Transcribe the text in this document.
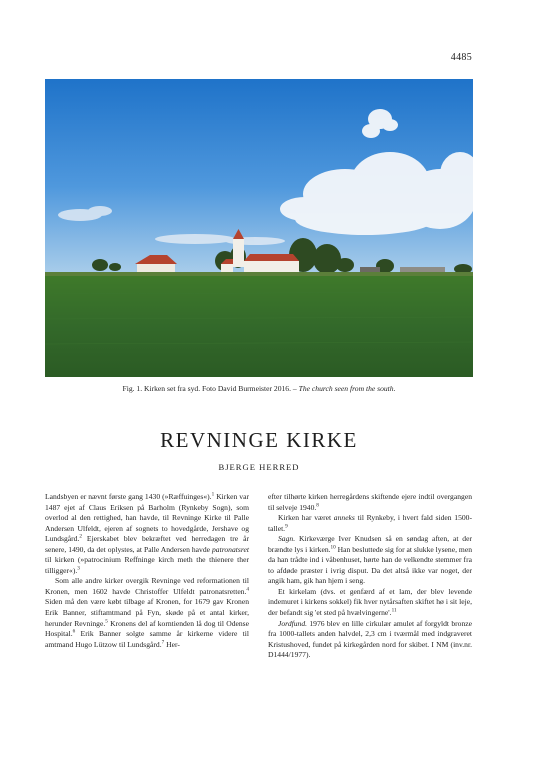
4485
Fig. 1. Kirken set fra syd. Foto David Burmeister 2016. – The church seen from the south.
REVNINGE KIRKE
BJERGE HERRED

Landsbyen er nævnt første gang 1430 (»Ræffuinges«).$^1$ Kirken var 1487 ejet af Claus Eriksen på Barholm (Rynkeby Sogn), som overlod al den rettighed, han havde, til Revninge Kirke til Palle Andersen Ulfeldt, ejeren af sognets to hovedgårde, Jershave og Lundsgård.$^2$ Ejerskabet blev bekræftet ved herredagen tre år senere, 1490, da det oplystes, at Palle Andersen havde patronatsret til kirken (»patrocinium Reffninge kirch meth the thienere ther tilligger«).$^3$

Som alle andre kirker overgik Revninge ved reformationen til Kronen, men 1602 havde Christoffer Ulfeldt patronatsretten.$^4$ Siden må den være købt tilbage af Kronen, for 1679 gav Kronen Erik Banner, stiftamtmand på Fyn, skøde på et antal kirker, herunder Revninge.$^5$ Kronens del af korntienden lå dog til Odense Hospital.$^6$ Erik Banner solgte samme år kirkerne videre til amtmand Hugo Lützow til Lundsgård.$^7$ Her-

efter tilhørte kirken herregårdens skiftende ejere indtil overgangen til selveje 1940.$^8$

Kirken har været anneks til Rynkeby, i hvert fald siden 1500-tallet.$^9$

Sagn. Kirkeværge Iver Knudsen så en søndag aften, at der brændte lys i kirken.$^{10}$ Han besluttede sig for at slukke lysene, men da han trådte ind i våbenhuset, hørte han de velkendte stemmer fra to afdøde præster i ivrig disput. Da det altså ikke var noget, der angik ham, gik han hjem i seng.

Et kirkelam (dvs. et genfærd af et lam, der blev levende indemuret i kirkens sokkel) fik hver nytårsaften skiftet hø i sit leje, der befandt sig 'et sted på hvælvingerne'.$^{11}$

Jordfund. 1976 blev en lille cirkulær amulet af forgyldt bronze fra 1000-tallets anden halvdel, 2,3 cm i tværmål med indgraveret Kristushoved, fundet på kirkegården nord for skibet. I NM (inv.nr. D1444/1977).
